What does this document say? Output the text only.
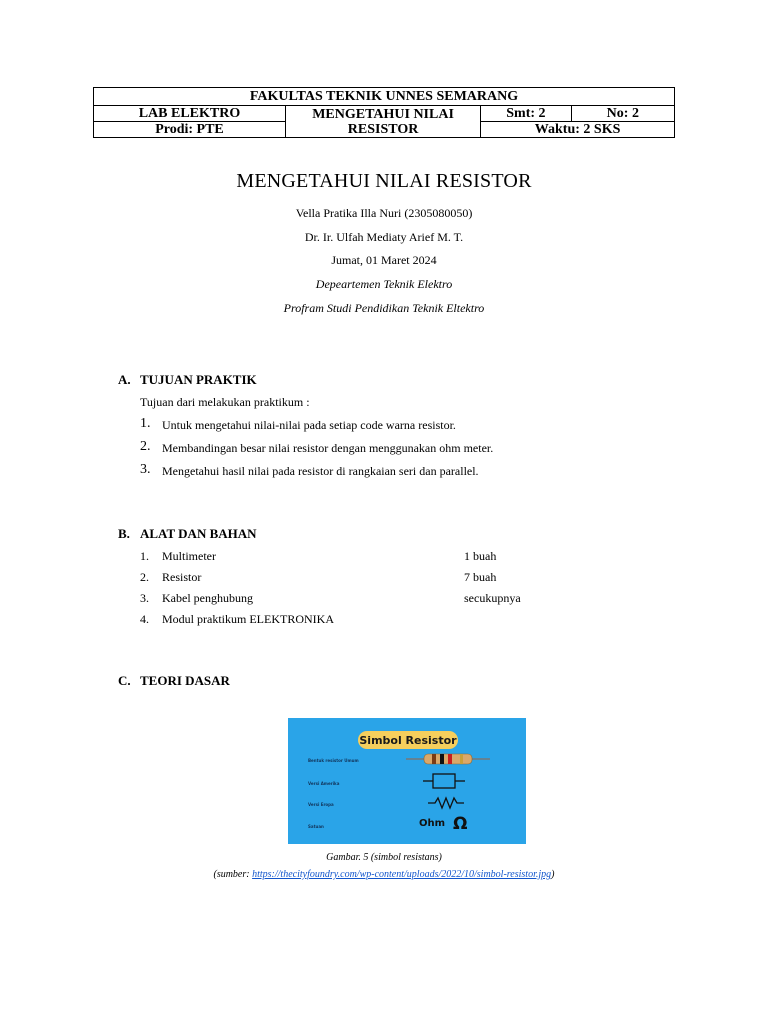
FAKULTAS TEKNIK UNNES SEMARANG			
LAB ELEKTRO	MENGETAHUI NILAI RESISTOR	Smt: 2	No: 2
Prodi: PTE		Waktu: 2 SKS	
MENGETAHUI NILAI RESISTOR
Vella Pratika Illa Nuri (2305080050)
Dr. Ir. Ulfah Mediaty Arief M. T.
Jumat, 01 Maret 2024
Depeartemen Teknik Elektro
Profram Studi Pendidikan Teknik Eltektro
A. TUJUAN PRAKTIK
Tujuan dari melakukan praktikum :
1. Untuk mengetahui nilai-nilai pada setiap code warna resistor.
2. Membandingan besar nilai resistor dengan menggunakan ohm meter.
3. Mengetahui hasil nilai pada resistor di rangkaian seri dan parallel.
B. ALAT DAN BAHAN
1. Multimeter	1 buah
2. Resistor	7 buah
3. Kabel penghubung	secukupnya
4. Modul praktikum ELEKTRONIKA
C. TEORI DASAR
Simbol Resistor
Bentuk resistor Umum
Versi Amerika
Versi Eropa
Satuan	Ohm Ω
Gambar. 5 (simbol resistans)
(sumber: https://thecityfoundry.com/wp-content/uploads/2022/10/simbol-resistor.jpg)
